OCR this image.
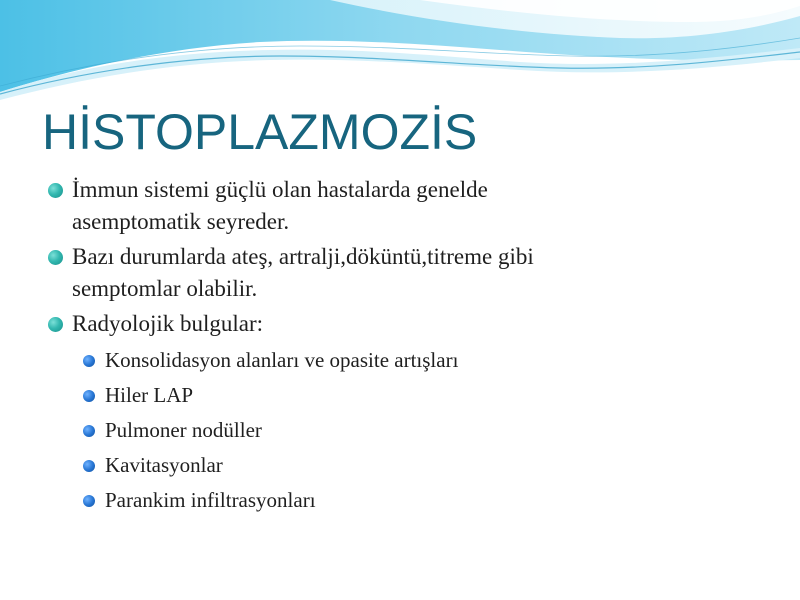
HİSTOPLAZMOZİS
İmmun sistemi güçlü olan hastalarda genelde
asemptomatik seyreder.
Bazı durumlarda ateş, artralji,döküntü,titreme gibi
semptomlar olabilir.
Radyolojik bulgular:
Konsolidasyon alanları ve opasite artışları
Hiler LAP
Pulmoner nodüller
Kavitasyonlar
Parankim infiltrasyonları
